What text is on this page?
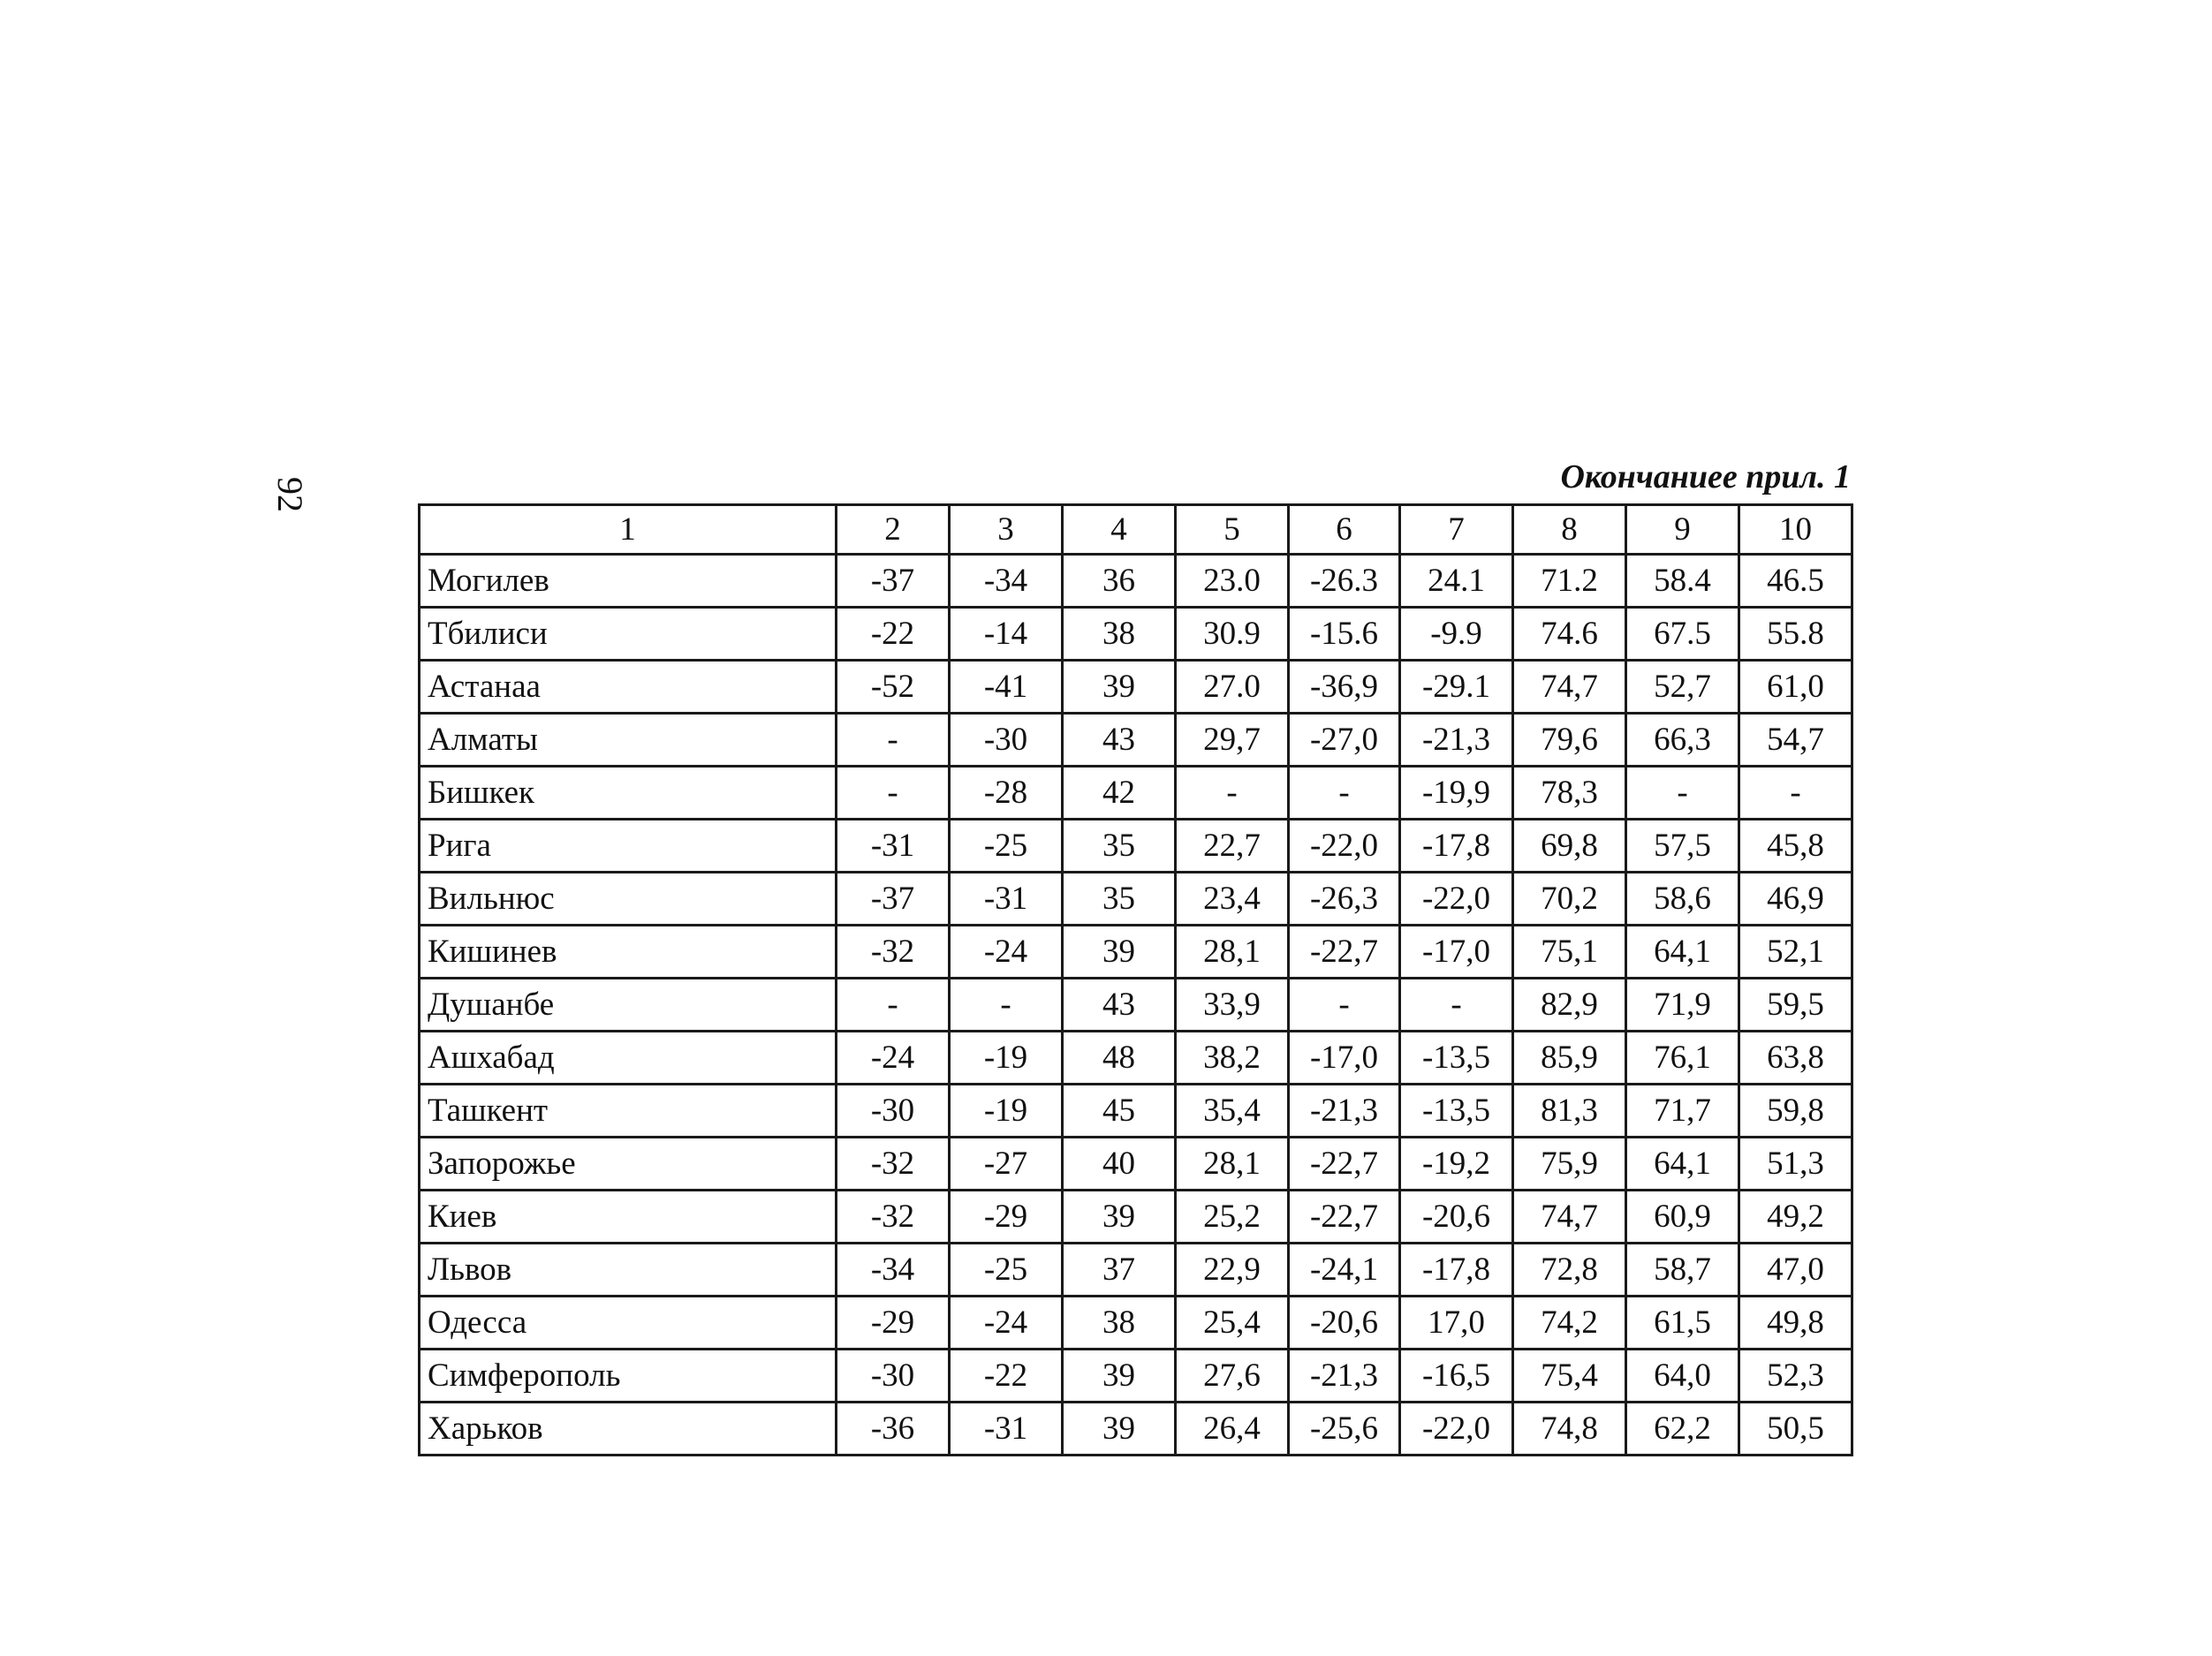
92	Окончаниее прил. 1
1	2	3	4	5	6	7	8	9	10
Могилев	-37	-34	36	23.0	-26.3	24.1	71.2	58.4	46.5
Тбилиси	-22	-14	38	30.9	-15.6	-9.9	74.6	67.5	55.8
Астанаа	-52	-41	39	27.0	-36,9	-29.1	74,7	52,7	61,0
Алматы	-	-30	43	29,7	-27,0	-21,3	79,6	66,3	54,7
Бишкек	-	-28	42	-	-	-19,9	78,3	-	-
Рига	-31	-25	35	22,7	-22,0	-17,8	69,8	57,5	45,8
Вильнюс	-37	-31	35	23,4	-26,3	-22,0	70,2	58,6	46,9
Кишинев	-32	-24	39	28,1	-22,7	-17,0	75,1	64,1	52,1
Душанбе	-	-	43	33,9	-	-	82,9	71,9	59,5
Ашхабад	-24	-19	48	38,2	-17,0	-13,5	85,9	76,1	63,8
Ташкент	-30	-19	45	35,4	-21,3	-13,5	81,3	71,7	59,8
Запорожье	-32	-27	40	28,1	-22,7	-19,2	75,9	64,1	51,3
Киев	-32	-29	39	25,2	-22,7	-20,6	74,7	60,9	49,2
Львов	-34	-25	37	22,9	-24,1	-17,8	72,8	58,7	47,0
Одесса	-29	-24	38	25,4	-20,6	17,0	74,2	61,5	49,8
Симферополь	-30	-22	39	27,6	-21,3	-16,5	75,4	64,0	52,3
Харьков	-36	-31	39	26,4	-25,6	-22,0	74,8	62,2	50,5
